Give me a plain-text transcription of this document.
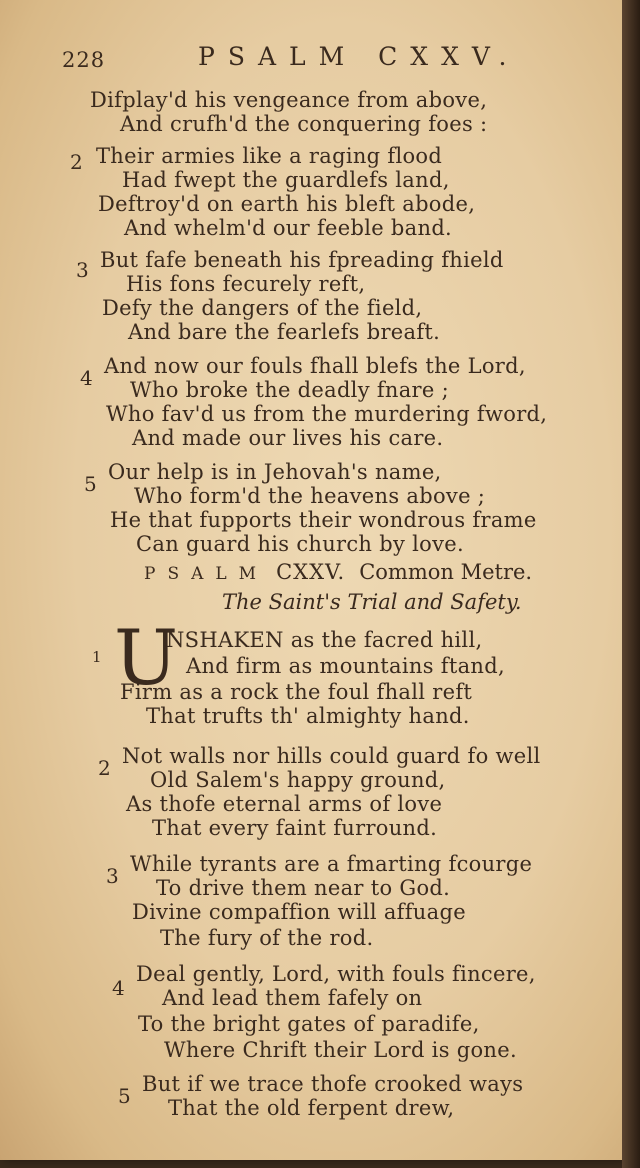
228	PSALM CXXV.
Difplay'd his vengeance from above,
And crufh'd the conquering foes :
2 Their armies like a raging flood
Had fwept the guardlefs land,
Deftroy'd on earth his bleft abode,
And whelm'd our feeble band.
3 But fafe beneath his fpreading fhield
His fons fecurely reft,
Defy the dangers of the field,
And bare the fearlefs breaft.
4 And now our fouls fhall blefs the Lord,
Who broke the deadly fnare ;
Who fav'd us from the murdering fword,
And made our lives his care.
5 Our help is in Jehovah's name,
Who form'd the heavens above ;
He that fupports their wondrous frame
Can guard his church by love.
PSALM CXXV. Common Metre.
The Saint's Trial and Safety.
1 U
NSHAKEN as the facred hill,
And firm as mountains ftand,
Firm as a rock the foul fhall reft
That trufts th' almighty hand.
2 Not walls nor hills could guard fo well
Old Salem's happy ground,
As thofe eternal arms of love
That every faint furround.
3 While tyrants are a fmarting fcourge
To drive them near to God.
Divine compaffion will affuage
The fury of the rod.
4
Deal gently, Lord, with fouls fincere,
And lead them fafely on
To the bright gates of paradife,
Where Chrift their Lord is gone.
5 But if we trace thofe crooked ways
That the old ferpent drew,
